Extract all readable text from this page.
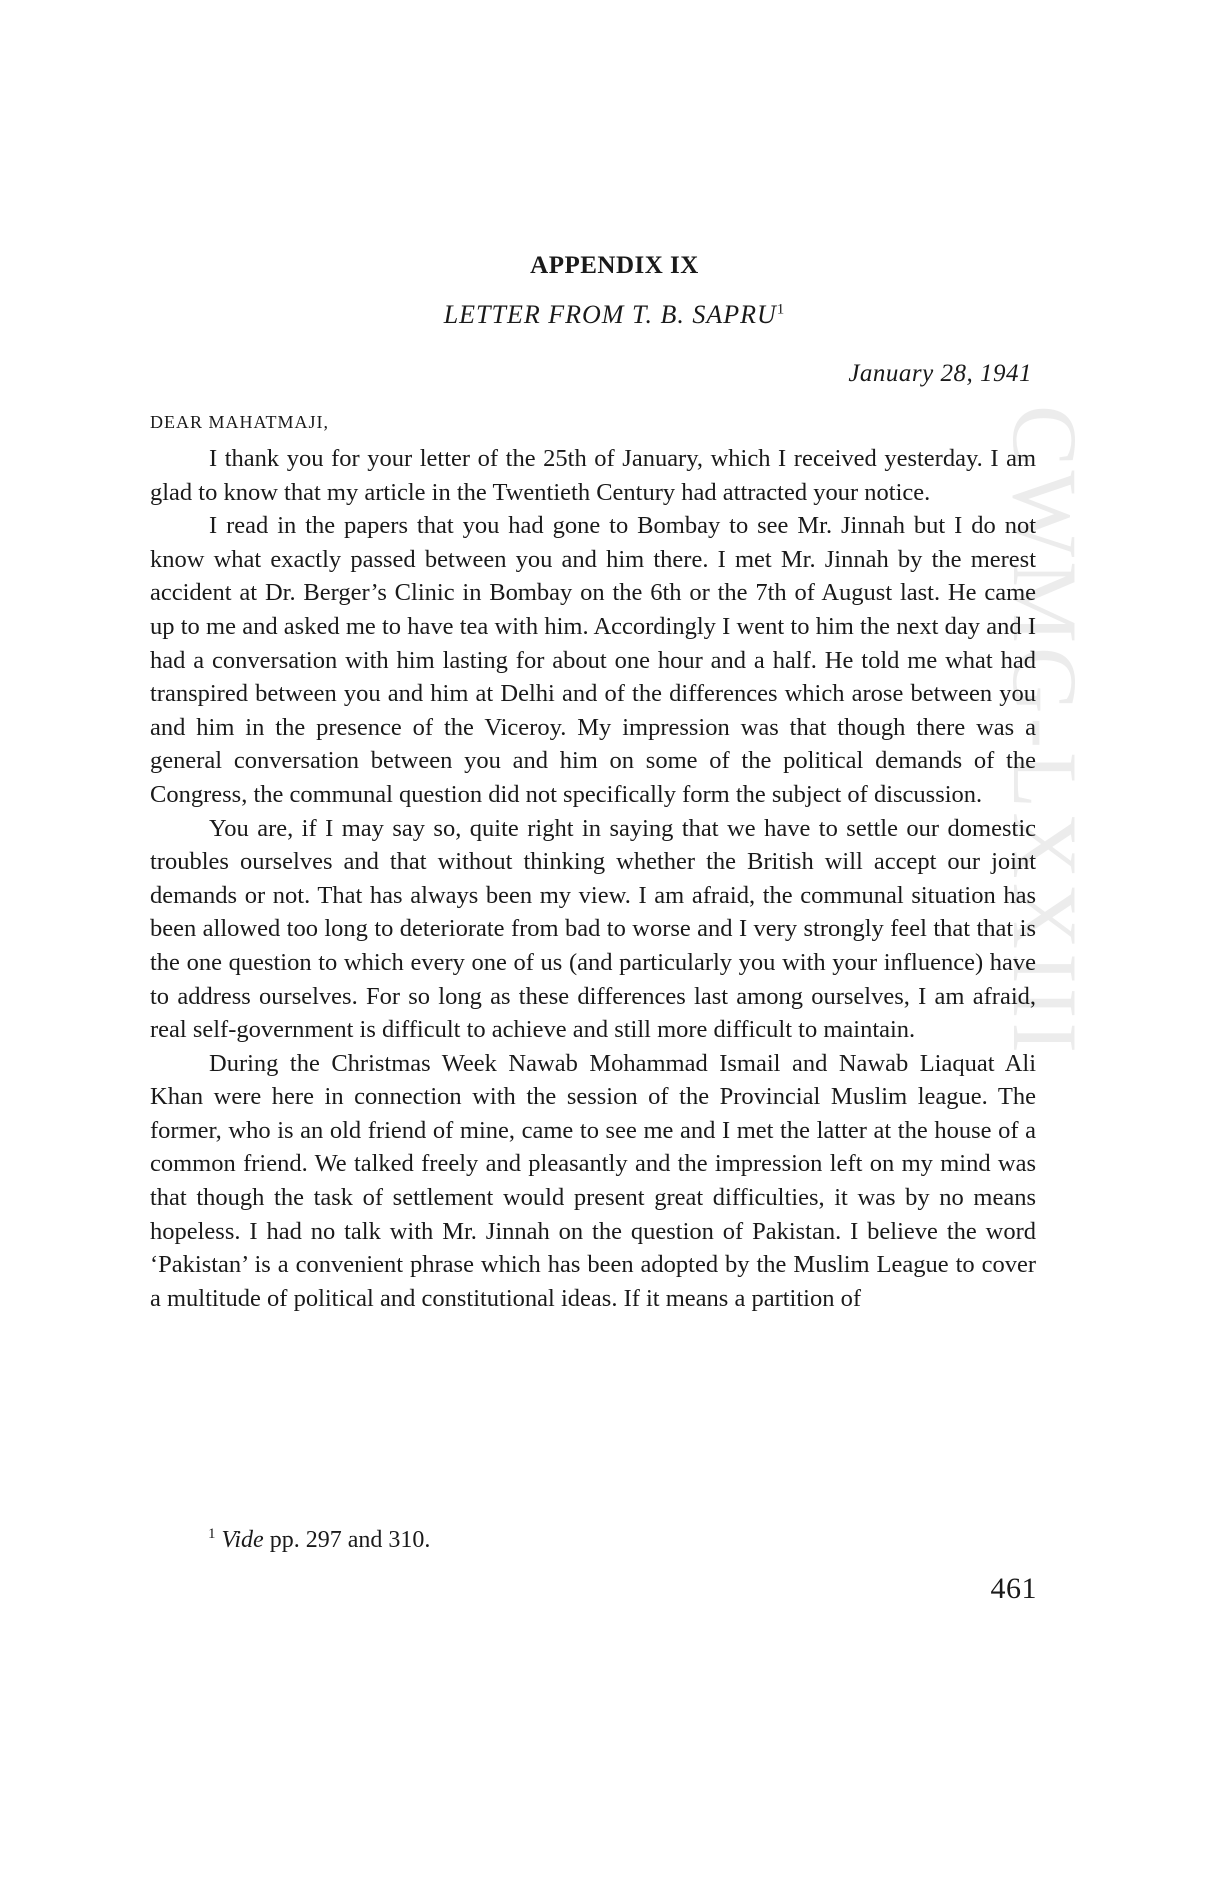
CWMG-LXXIII
APPENDIX IX
LETTER FROM T. B. SAPRU$^1$
January 28, 1941
DEAR MAHATMAJI,

I thank you for your letter of the 25th of January, which I received yesterday. I am glad to know that my article in the Twentieth Century had attracted your notice.

I read in the papers that you had gone to Bombay to see Mr. Jinnah but I do not know what exactly passed between you and him there. I met Mr. Jinnah by the merest accident at Dr. Berger’s Clinic in Bombay on the 6th or the 7th of August last. He came up to me and asked me to have tea with him. Accordingly I went to him the next day and I had a conversation with him lasting for about one hour and a half. He told me what had transpired between you and him at Delhi and of the differences which arose between you and him in the presence of the Viceroy. My impression was that though there was a general conversation between you and him on some of the political demands of the Congress, the communal question did not specifically form the subject of discussion.

You are, if I may say so, quite right in saying that we have to settle our domestic troubles ourselves and that without thinking whether the British will accept our joint demands or not. That has always been my view. I am afraid, the communal situation has been allowed too long to deteriorate from bad to worse and I very strongly feel that that is the one question to which every one of us (and particularly you with your influence) have to address ourselves. For so long as these differences last among ourselves, I am afraid, real self-government is difficult to achieve and still more difficult to maintain.

During the Christmas Week Nawab Mohammad Ismail and Nawab Liaquat Ali Khan were here in connection with the session of the Provincial Muslim league. The former, who is an old friend of mine, came to see me and I met the latter at the house of a common friend. We talked freely and pleasantly and the impression left on my mind was that though the task of settlement would present great difficulties, it was by no means hopeless. I had no talk with Mr. Jinnah on the question of Pakistan. I believe the word ‘Pakistan’ is a convenient phrase which has been adopted by the Muslim League to cover a multitude of political and constitutional ideas. If it means a partition of

$^1$ Vide pp. 297 and 310.
461
